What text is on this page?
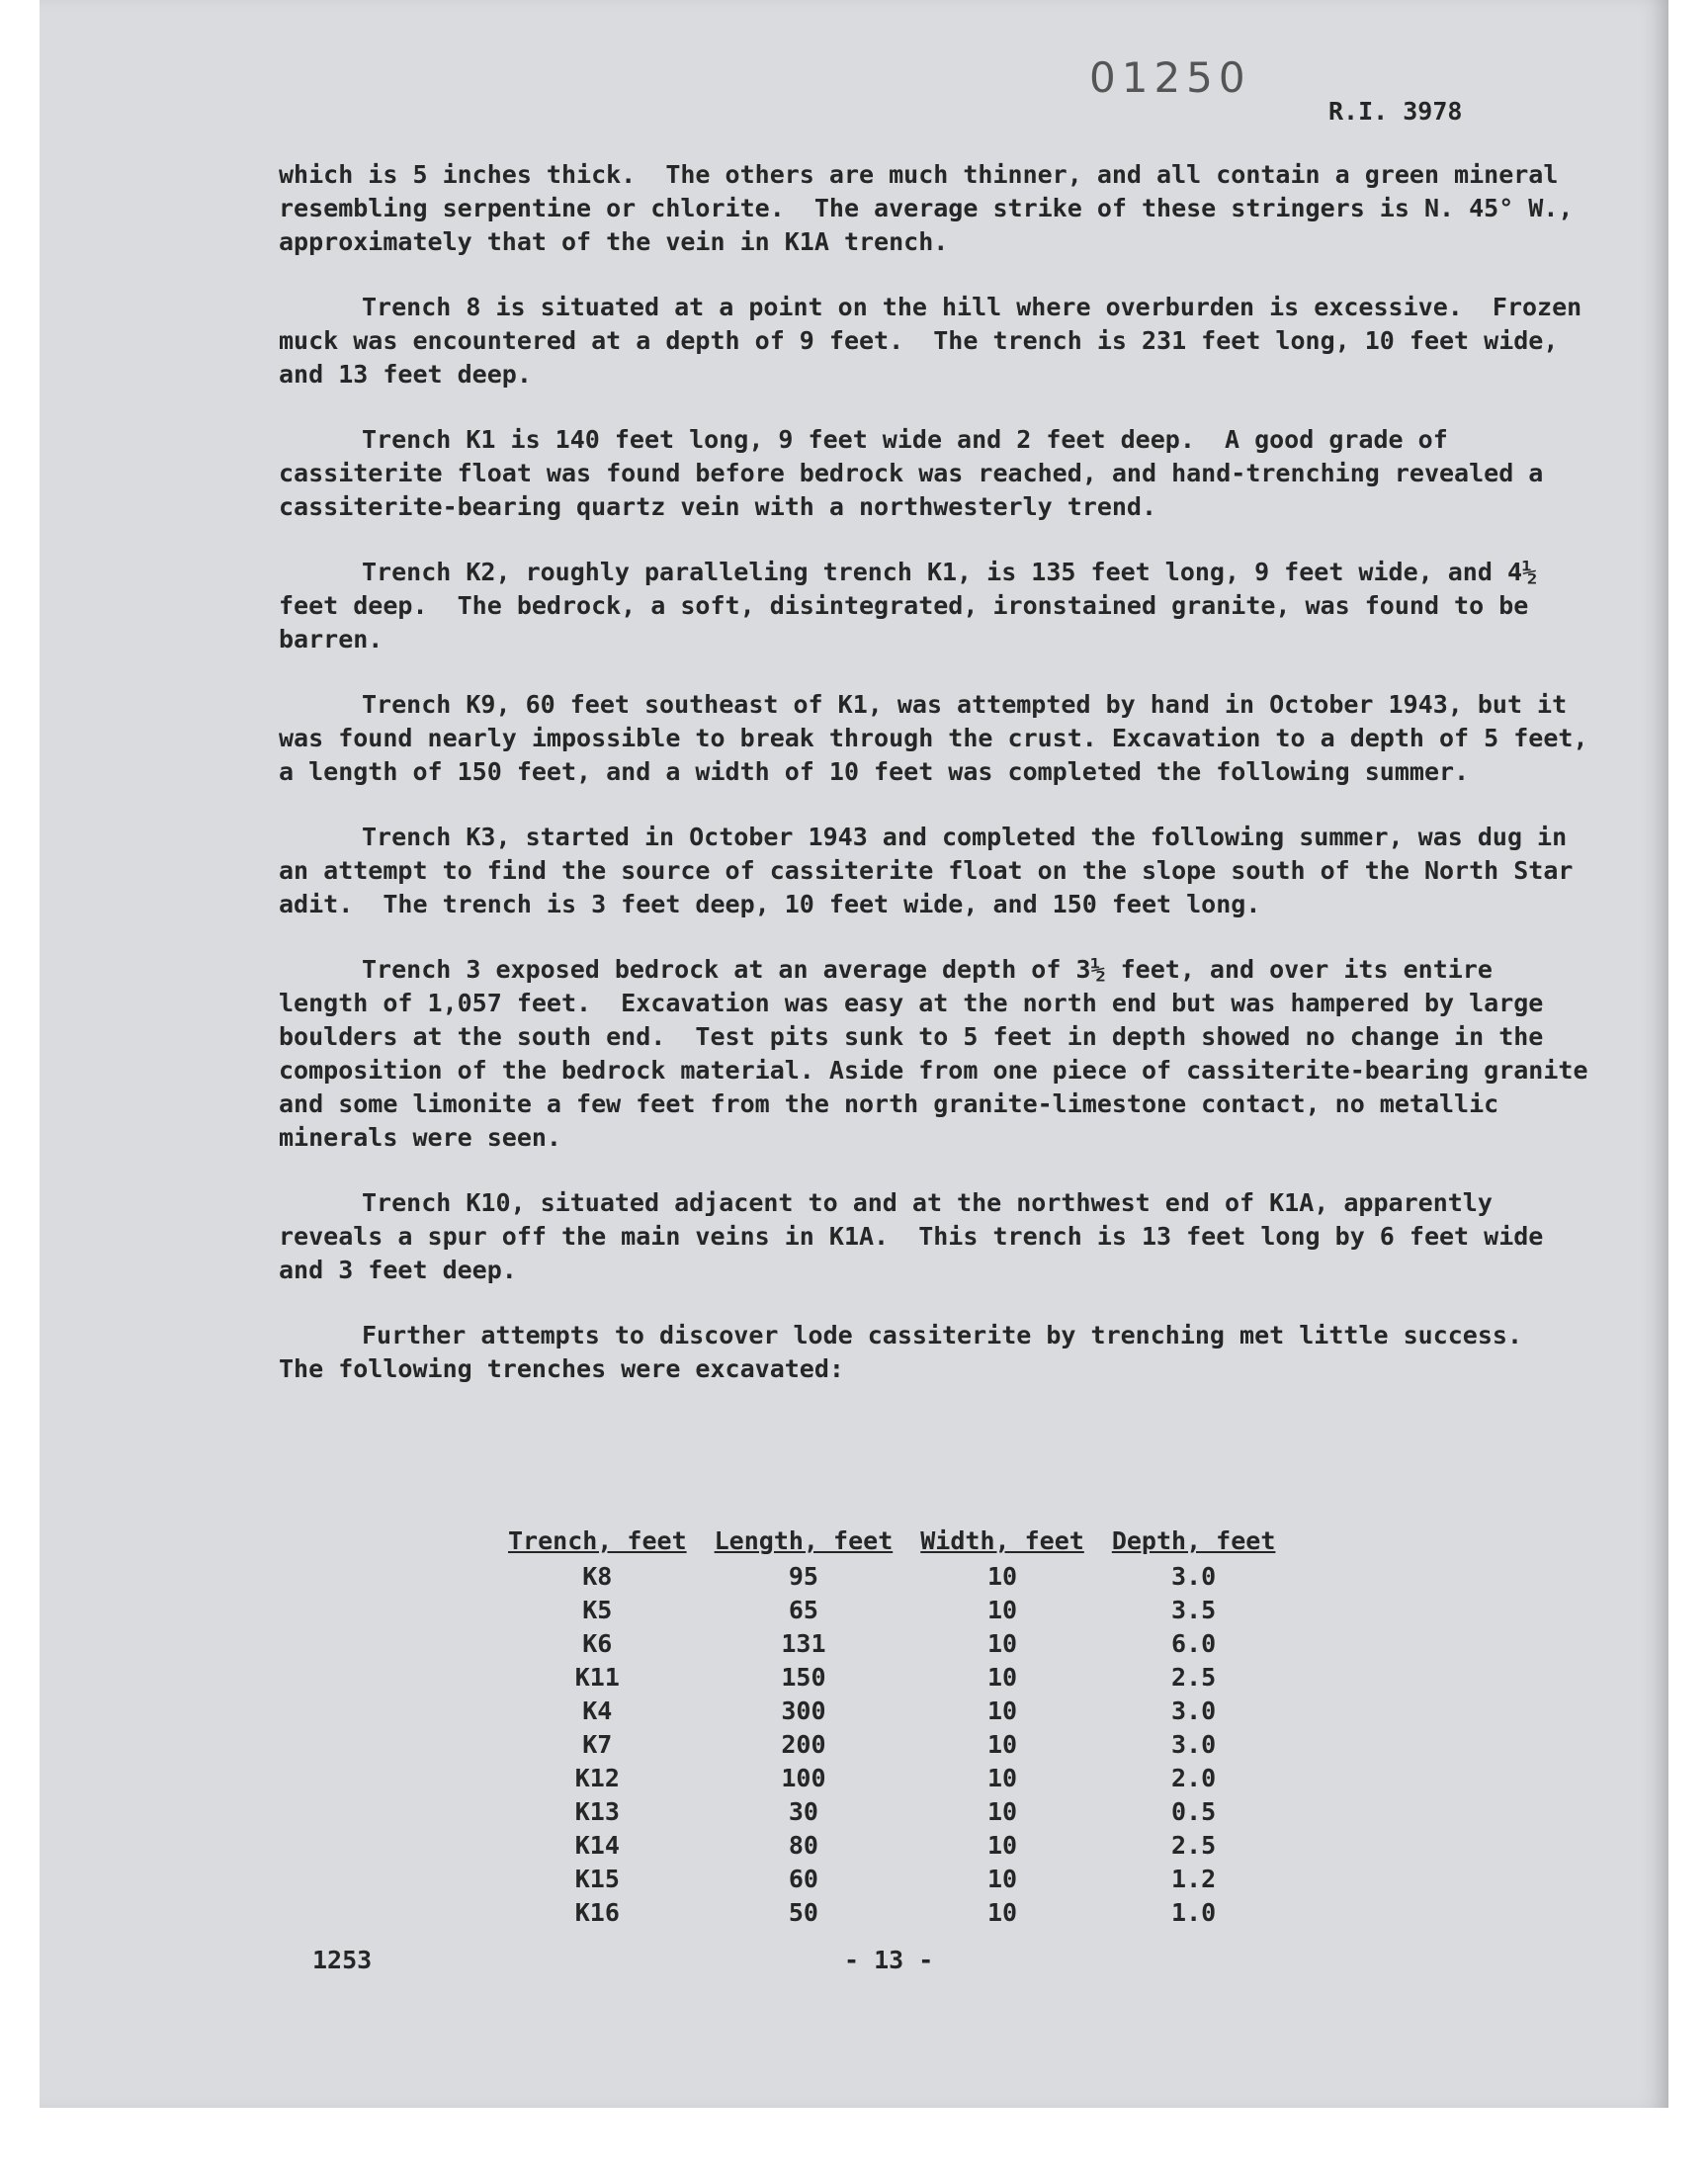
01250
R.I. 3978

which is 5 inches thick.  The others are much thinner, and all contain a green mineral resembling serpentine or chlorite.  The average strike of these stringers is N. 45° W., approximately that of the vein in K1A trench.

Trench 8 is situated at a point on the hill where overburden is excessive.  Frozen muck was encountered at a depth of 9 feet.  The trench is 231 feet long, 10 feet wide, and 13 feet deep.

Trench K1 is 140 feet long, 9 feet wide and 2 feet deep.  A good grade of cassiterite float was found before bedrock was reached, and hand-trenching revealed a cassiterite-bearing quartz vein with a northwesterly trend.

Trench K2, roughly paralleling trench K1, is 135 feet long, 9 feet wide, and 4½ feet deep.  The bedrock, a soft, disintegrated, ironstained granite, was found to be barren.

Trench K9, 60 feet southeast of K1, was attempted by hand in October 1943, but it was found nearly impossible to break through the crust. Excavation to a depth of 5 feet, a length of 150 feet, and a width of 10 feet was completed the following summer.

Trench K3, started in October 1943 and completed the following summer, was dug in an attempt to find the source of cassiterite float on the slope south of the North Star adit.  The trench is 3 feet deep, 10 feet wide, and 150 feet long.

Trench 3 exposed bedrock at an average depth of 3½ feet, and over its entire length of 1,057 feet.  Excavation was easy at the north end but was hampered by large boulders at the south end.  Test pits sunk to 5 feet in depth showed no change in the composition of the bedrock material. Aside from one piece of cassiterite-bearing granite and some limonite a few feet from the north granite-limestone contact, no metallic minerals were seen.

Trench K10, situated adjacent to and at the northwest end of K1A, apparently reveals a spur off the main veins in K1A.  This trench is 13 feet long by 6 feet wide and 3 feet deep.

Further attempts to discover lode cassiterite by trenching met little success.  The following trenches were excavated:

Trench, feet	Length, feet	Width, feet	Depth, feet
K8	95	10	3.0
K5	65	10	3.5
K6	131	10	6.0
K11	150	10	2.5
K4	300	10	3.0
K7	200	10	3.0
K12	100	10	2.0
K13	30	10	0.5
K14	80	10	2.5
K15	60	10	1.2
K16	50	10	1.0
1253	- 13 -
